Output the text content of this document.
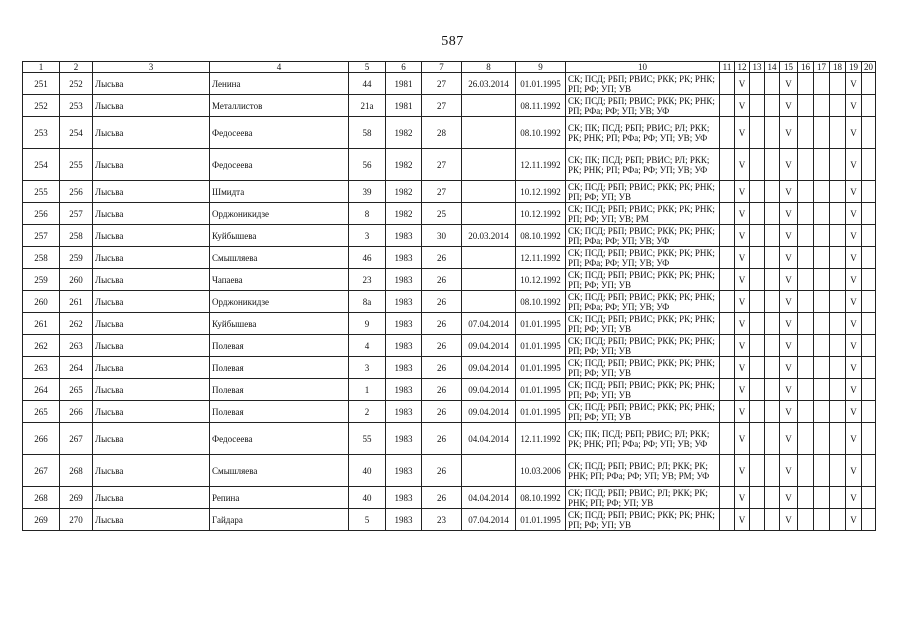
587
1	2	3	4	5	6	7	8	9	10	11	12	13	14	15	16	17	18	19	20
251	252	Лысьва	Ленина	44	1981	27	26.03.2014	01.01.1995	СК; ПСД; РБП; РВИС; РКК; РК; РНК; РП; РФ; УП; УВ		V			V				V	
252	253	Лысьва	Металлистов	21а	1981	27		08.11.1992	СК; ПСД; РБП; РВИС; РКК; РК; РНК; РП; РФа; РФ; УП; УВ; УФ		V			V				V	
253	254	Лысьва	Федосеева	58	1982	28		08.10.1992	СК; ПК; ПСД; РБП; РВИС; РЛ; РКК; РК; РНК; РП; РФа; РФ; УП; УВ; УФ		V			V				V	
254	255	Лысьва	Федосеева	56	1982	27		12.11.1992	СК; ПК; ПСД; РБП; РВИС; РЛ; РКК; РК; РНК; РП; РФа; РФ; УП; УВ; УФ		V			V				V	
255	256	Лысьва	Шмидта	39	1982	27		10.12.1992	СК; ПСД; РБП; РВИС; РКК; РК; РНК; РП; РФ; УП; УВ		V			V				V	
256	257	Лысьва	Орджоникидзе	8	1982	25		10.12.1992	СК; ПСД; РБП; РВИС; РКК; РК; РНК; РП; РФ; УП; УВ; РМ		V			V				V	
257	258	Лысьва	Куйбышева	3	1983	30	20.03.2014	08.10.1992	СК; ПСД; РБП; РВИС; РКК; РК; РНК; РП; РФа; РФ; УП; УВ; УФ		V			V				V	
258	259	Лысьва	Смышляева	46	1983	26		12.11.1992	СК; ПСД; РБП; РВИС; РКК; РК; РНК; РП; РФа; РФ; УП; УВ; УФ		V			V				V	
259	260	Лысьва	Чапаева	23	1983	26		10.12.1992	СК; ПСД; РБП; РВИС; РКК; РК; РНК; РП; РФ; УП; УВ		V			V				V	
260	261	Лысьва	Орджоникидзе	8а	1983	26		08.10.1992	СК; ПСД; РБП; РВИС; РКК; РК; РНК; РП; РФа; РФ; УП; УВ; УФ		V			V				V	
261	262	Лысьва	Куйбышева	9	1983	26	07.04.2014	01.01.1995	СК; ПСД; РБП; РВИС; РКК; РК; РНК; РП; РФ; УП; УВ		V			V				V	
262	263	Лысьва	Полевая	4	1983	26	09.04.2014	01.01.1995	СК; ПСД; РБП; РВИС; РКК; РК; РНК; РП; РФ; УП; УВ		V			V				V	
263	264	Лысьва	Полевая	3	1983	26	09.04.2014	01.01.1995	СК; ПСД; РБП; РВИС; РКК; РК; РНК; РП; РФ; УП; УВ		V			V				V	
264	265	Лысьва	Полевая	1	1983	26	09.04.2014	01.01.1995	СК; ПСД; РБП; РВИС; РКК; РК; РНК; РП; РФ; УП; УВ		V			V				V	
265	266	Лысьва	Полевая	2	1983	26	09.04.2014	01.01.1995	СК; ПСД; РБП; РВИС; РКК; РК; РНК; РП; РФ; УП; УВ		V			V				V	
266	267	Лысьва	Федосеева	55	1983	26	04.04.2014	12.11.1992	СК; ПК; ПСД; РБП; РВИС; РЛ; РКК; РК; РНК; РП; РФа; РФ; УП; УВ; УФ		V			V				V	
267	268	Лысьва	Смышляева	40	1983	26		10.03.2006	СК; ПСД; РБП; РВИС; РЛ; РКК; РК; РНК; РП; РФа; РФ; УП; УВ; РМ; УФ		V			V				V	
268	269	Лысьва	Репина	40	1983	26	04.04.2014	08.10.1992	СК; ПСД; РБП; РВИС; РЛ; РКК; РК; РНК; РП; РФ; УП; УВ		V			V				V	
269	270	Лысьва	Гайдара	5	1983	23	07.04.2014	01.01.1995	СК; ПСД; РБП; РВИС; РКК; РК; РНК; РП; РФ; УП; УВ		V			V				V	
